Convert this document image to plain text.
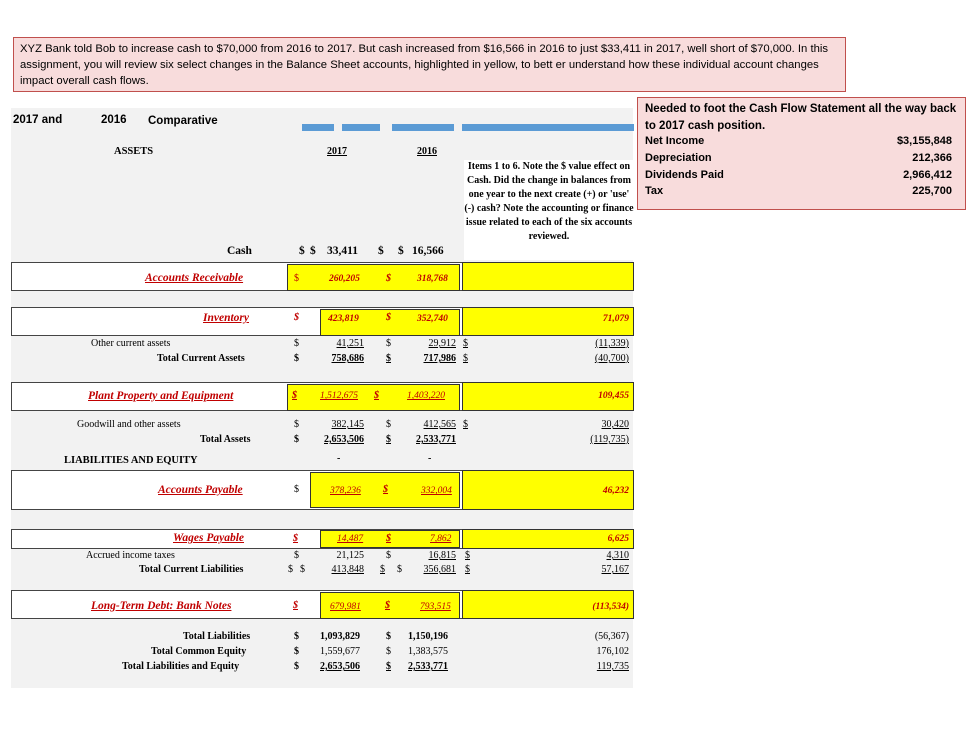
XYZ Bank told Bob to increase cash to $70,000 from 2016 to 2017. But cash increased from $16,566 in 2016 to just $33,411 in 2017, well short of $70,000. In this assignment, you will review six select changes in the Balance Sheet accounts, highlighted in yellow, to bett er understand how these individual account changes impact overall cash flows.
2017 and	2016 Comparative
ASSETS	2017	2016
Items 1 to 6. Note the $ value effect on Cash. Did the change in balances from one year to the next create (+) or 'use' (-) cash? Note the accounting or finance issue related to each of the six accounts reviewed.
Cash	$ $ 33,411 $ $ 16,566
Accounts Receivable	$	260,205	$	318,768
Inventory	$	423,819	$	352,740	71,079
Other current assets	$	41,251 $	29,912 $	(11,339)
Total Current Assets	$	758,686 $	717,986 $	(40,700)
Plant Property and Equipment	$ 1,512,675 $	1,403,220	109,455
Goodwill and other assets	$	382,145 $	412,565 $	30,420
Total Assets	$	2,653,506 $	2,533,771	(119,735)
LIABILITIES AND EQUITY	-	-
Accounts Payable	$	378,236 $	332,004	46,232
Wages Payable	$	14,487 $	7,862	6,625
Accrued income taxes	$	21,125 $	16,815 $	4,310
Total Current Liabilities	$ $	413,848 $ $	356,681 $	57,167
Long-Term Debt: Bank Notes	$	679,981 $	793,515	(113,534)
Total Liabilities	$ 1,093,829	$ 1,150,196	(56,367)
Total Common Equity	$ 1,559,677	$ 1,383,575	176,102
Total Liabilities and Equity	$ 2,653,506	$ 2,533,771	119,735
Needed to foot the Cash Flow Statement all the way back to 2017 cash position.
Net Income	$3,155,848
Depreciation	212,366
Dividends Paid	2,966,412
Tax	225,700
